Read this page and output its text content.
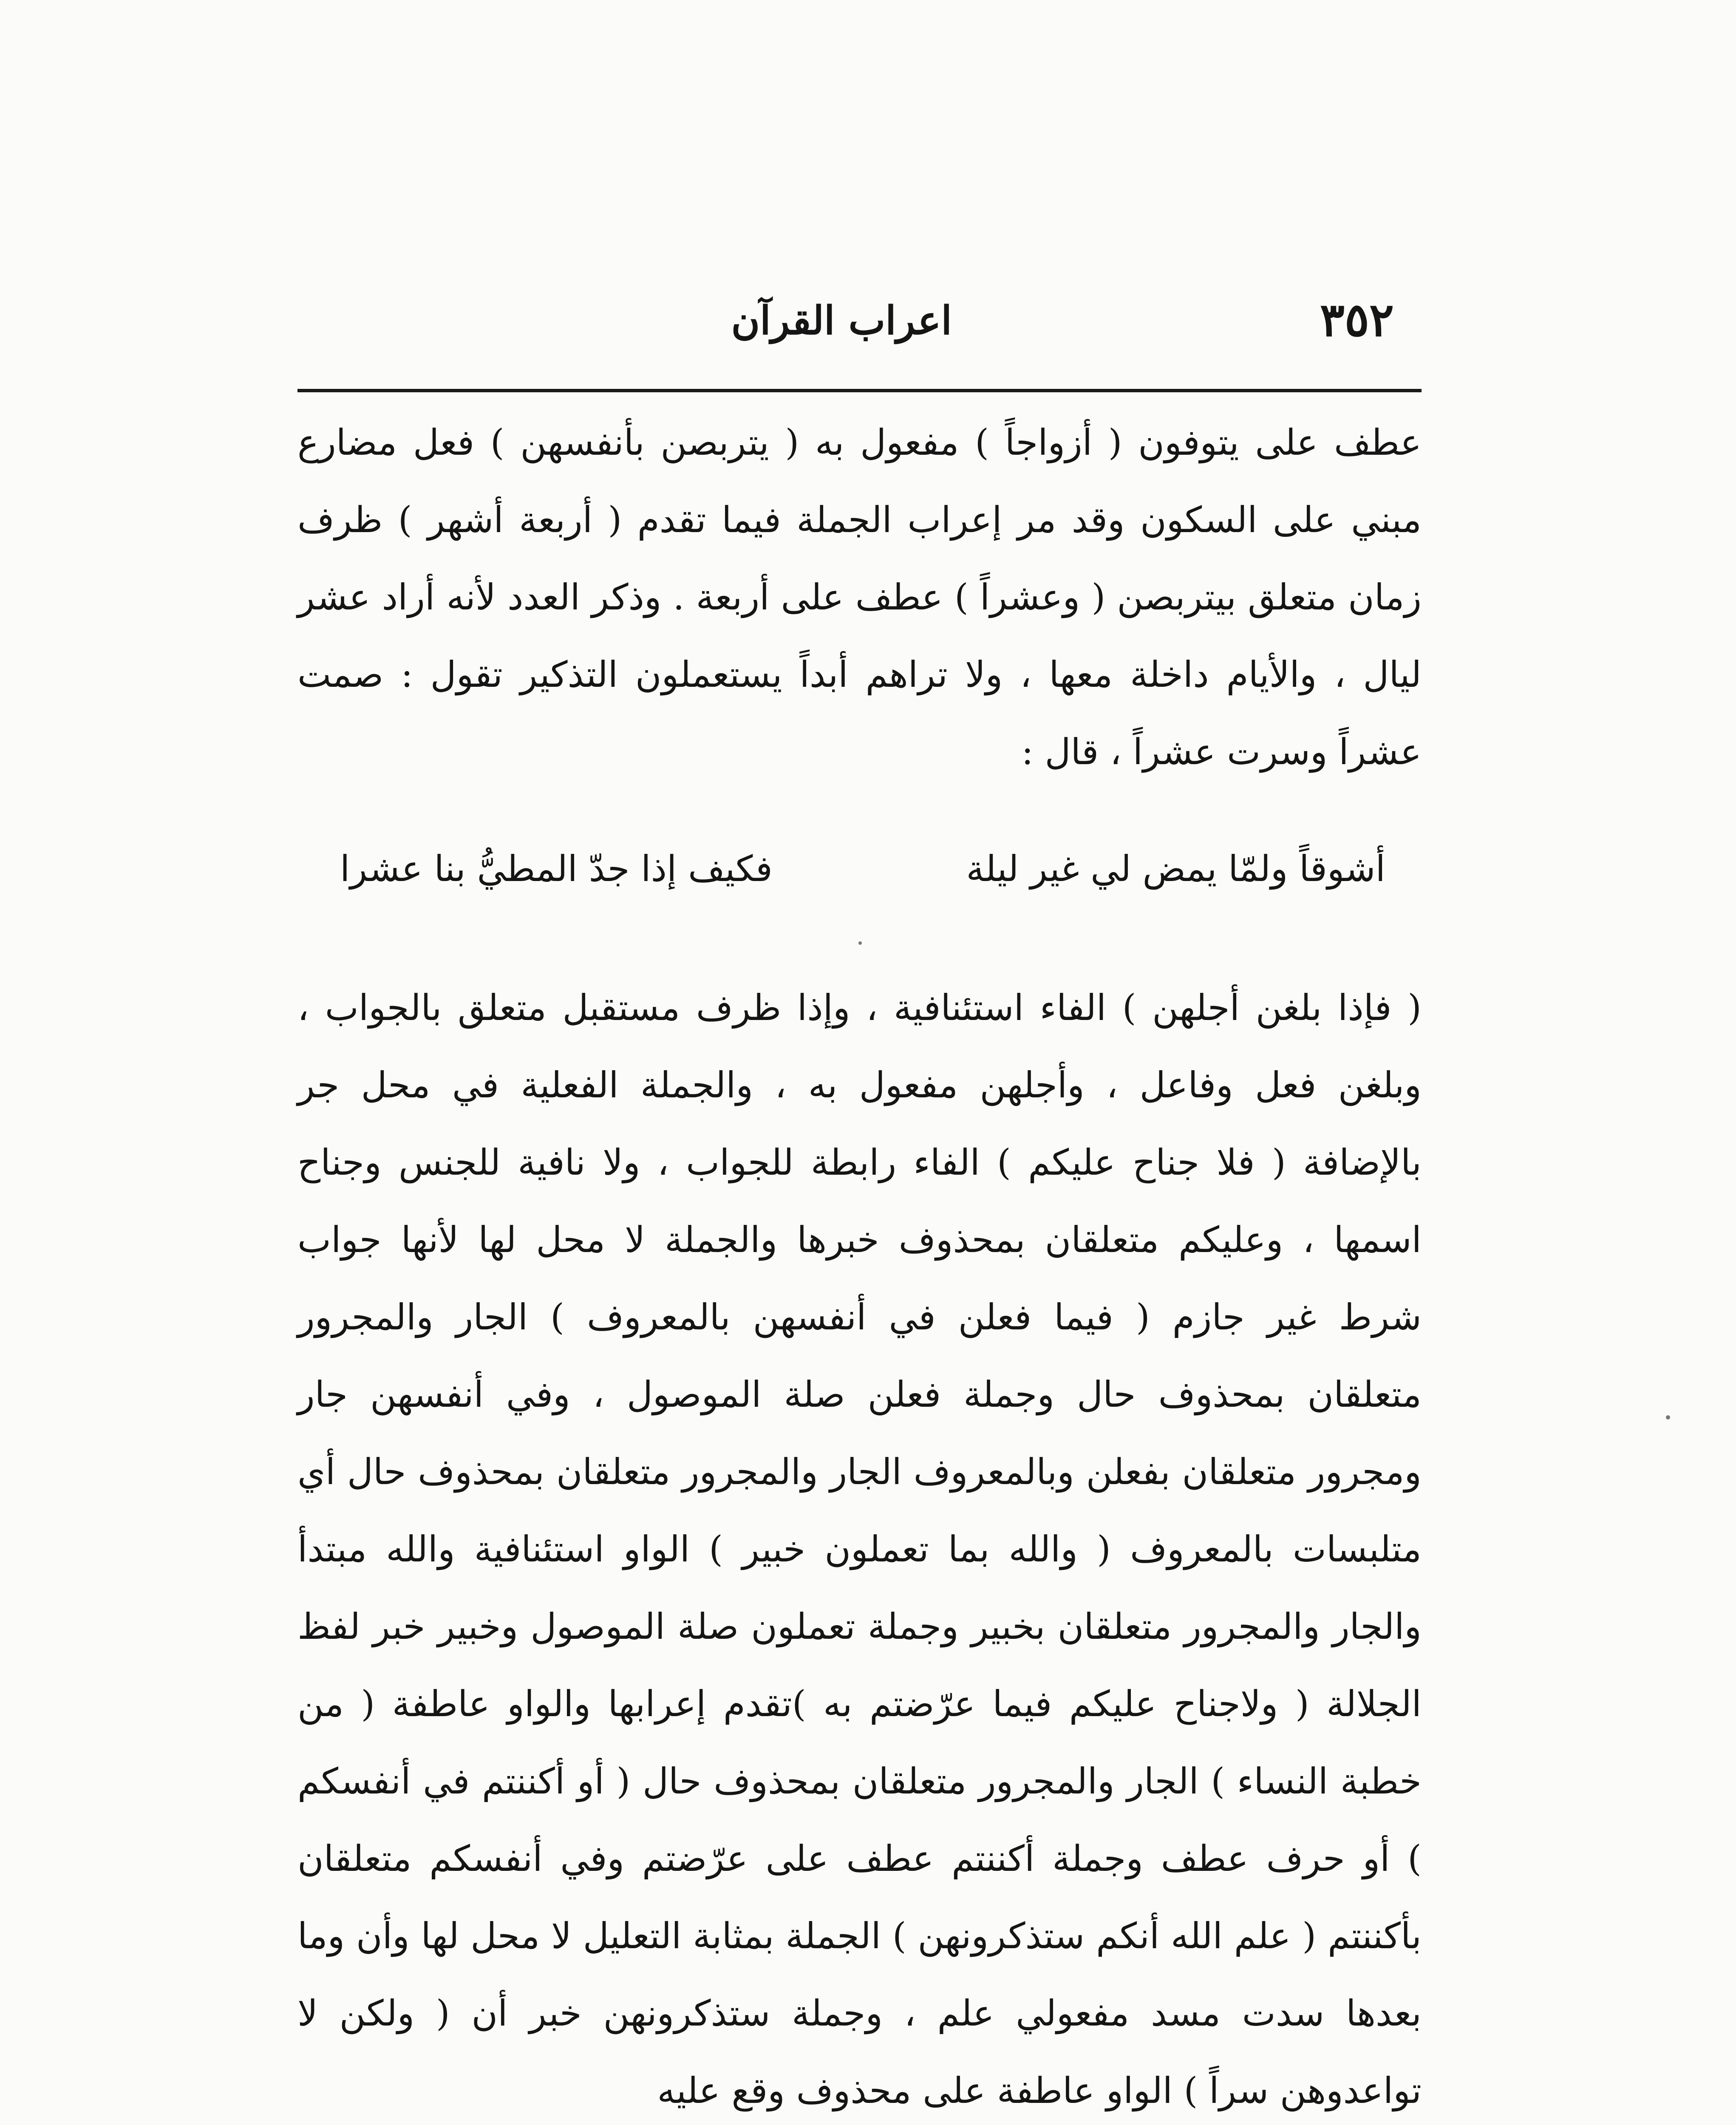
٣٥٢
اعراب القرآن

عطف على يتوفون ( أزواجاً ) مفعول به ( يتربصن بأنفسهن ) فعل مضارع مبني على السكون وقد مر إعراب الجملة فيما تقدم ( أربعة أشهر ) ظرف زمان متعلق بيتربصن ( وعشراً ) عطف على أربعة . وذكر العدد لأنه أراد عشر ليال ، والأيام داخلة معها ، ولا تراهم أبداً يستعملون التذكير تقول : صمت عشراً وسرت عشراً ، قال :

أشوقاً ولمّا يمض لي غير ليلة
فكيف إذا جدّ المطيُّ بنا عشرا

( فإذا بلغن أجلهن ) الفاء استئنافية ، وإذا ظرف مستقبل متعلق بالجواب ، وبلغن فعل وفاعل ، وأجلهن مفعول به ، والجملة الفعلية في محل جر بالإضافة ( فلا جناح عليكم ) الفاء رابطة للجواب ، ولا نافية للجنس وجناح اسمها ، وعليكم متعلقان بمحذوف خبرها والجملة لا محل لها لأنها جواب شرط غير جازم ( فيما فعلن في أنفسهن بالمعروف ) الجار والمجرور متعلقان بمحذوف حال وجملة فعلن صلة الموصول ، وفي أنفسهن جار ومجرور متعلقان بفعلن وبالمعروف الجار والمجرور متعلقان بمحذوف حال أي متلبسات بالمعروف ( والله بما تعملون خبير ) الواو استئنافية والله مبتدأ والجار والمجرور متعلقان بخبير وجملة تعملون صلة الموصول وخبير خبر لفظ الجلالة ( ولاجناح عليكم فيما عرّضتم به )تقدم إعرابها والواو عاطفة ( من خطبة النساء ) الجار والمجرور متعلقان بمحذوف حال ( أو أكننتم في أنفسكم ) أو حرف عطف وجملة أكننتم عطف على عرّضتم وفي أنفسكم متعلقان بأكننتم ( علم الله أنكم ستذكرونهن ) الجملة بمثابة التعليل لا محل لها وأن وما بعدها سدت مسد مفعولي علم ، وجملة ستذكرونهن خبر أن ( ولكن لا تواعدوهن سراً ) الواو عاطفة على محذوف وقع عليه
